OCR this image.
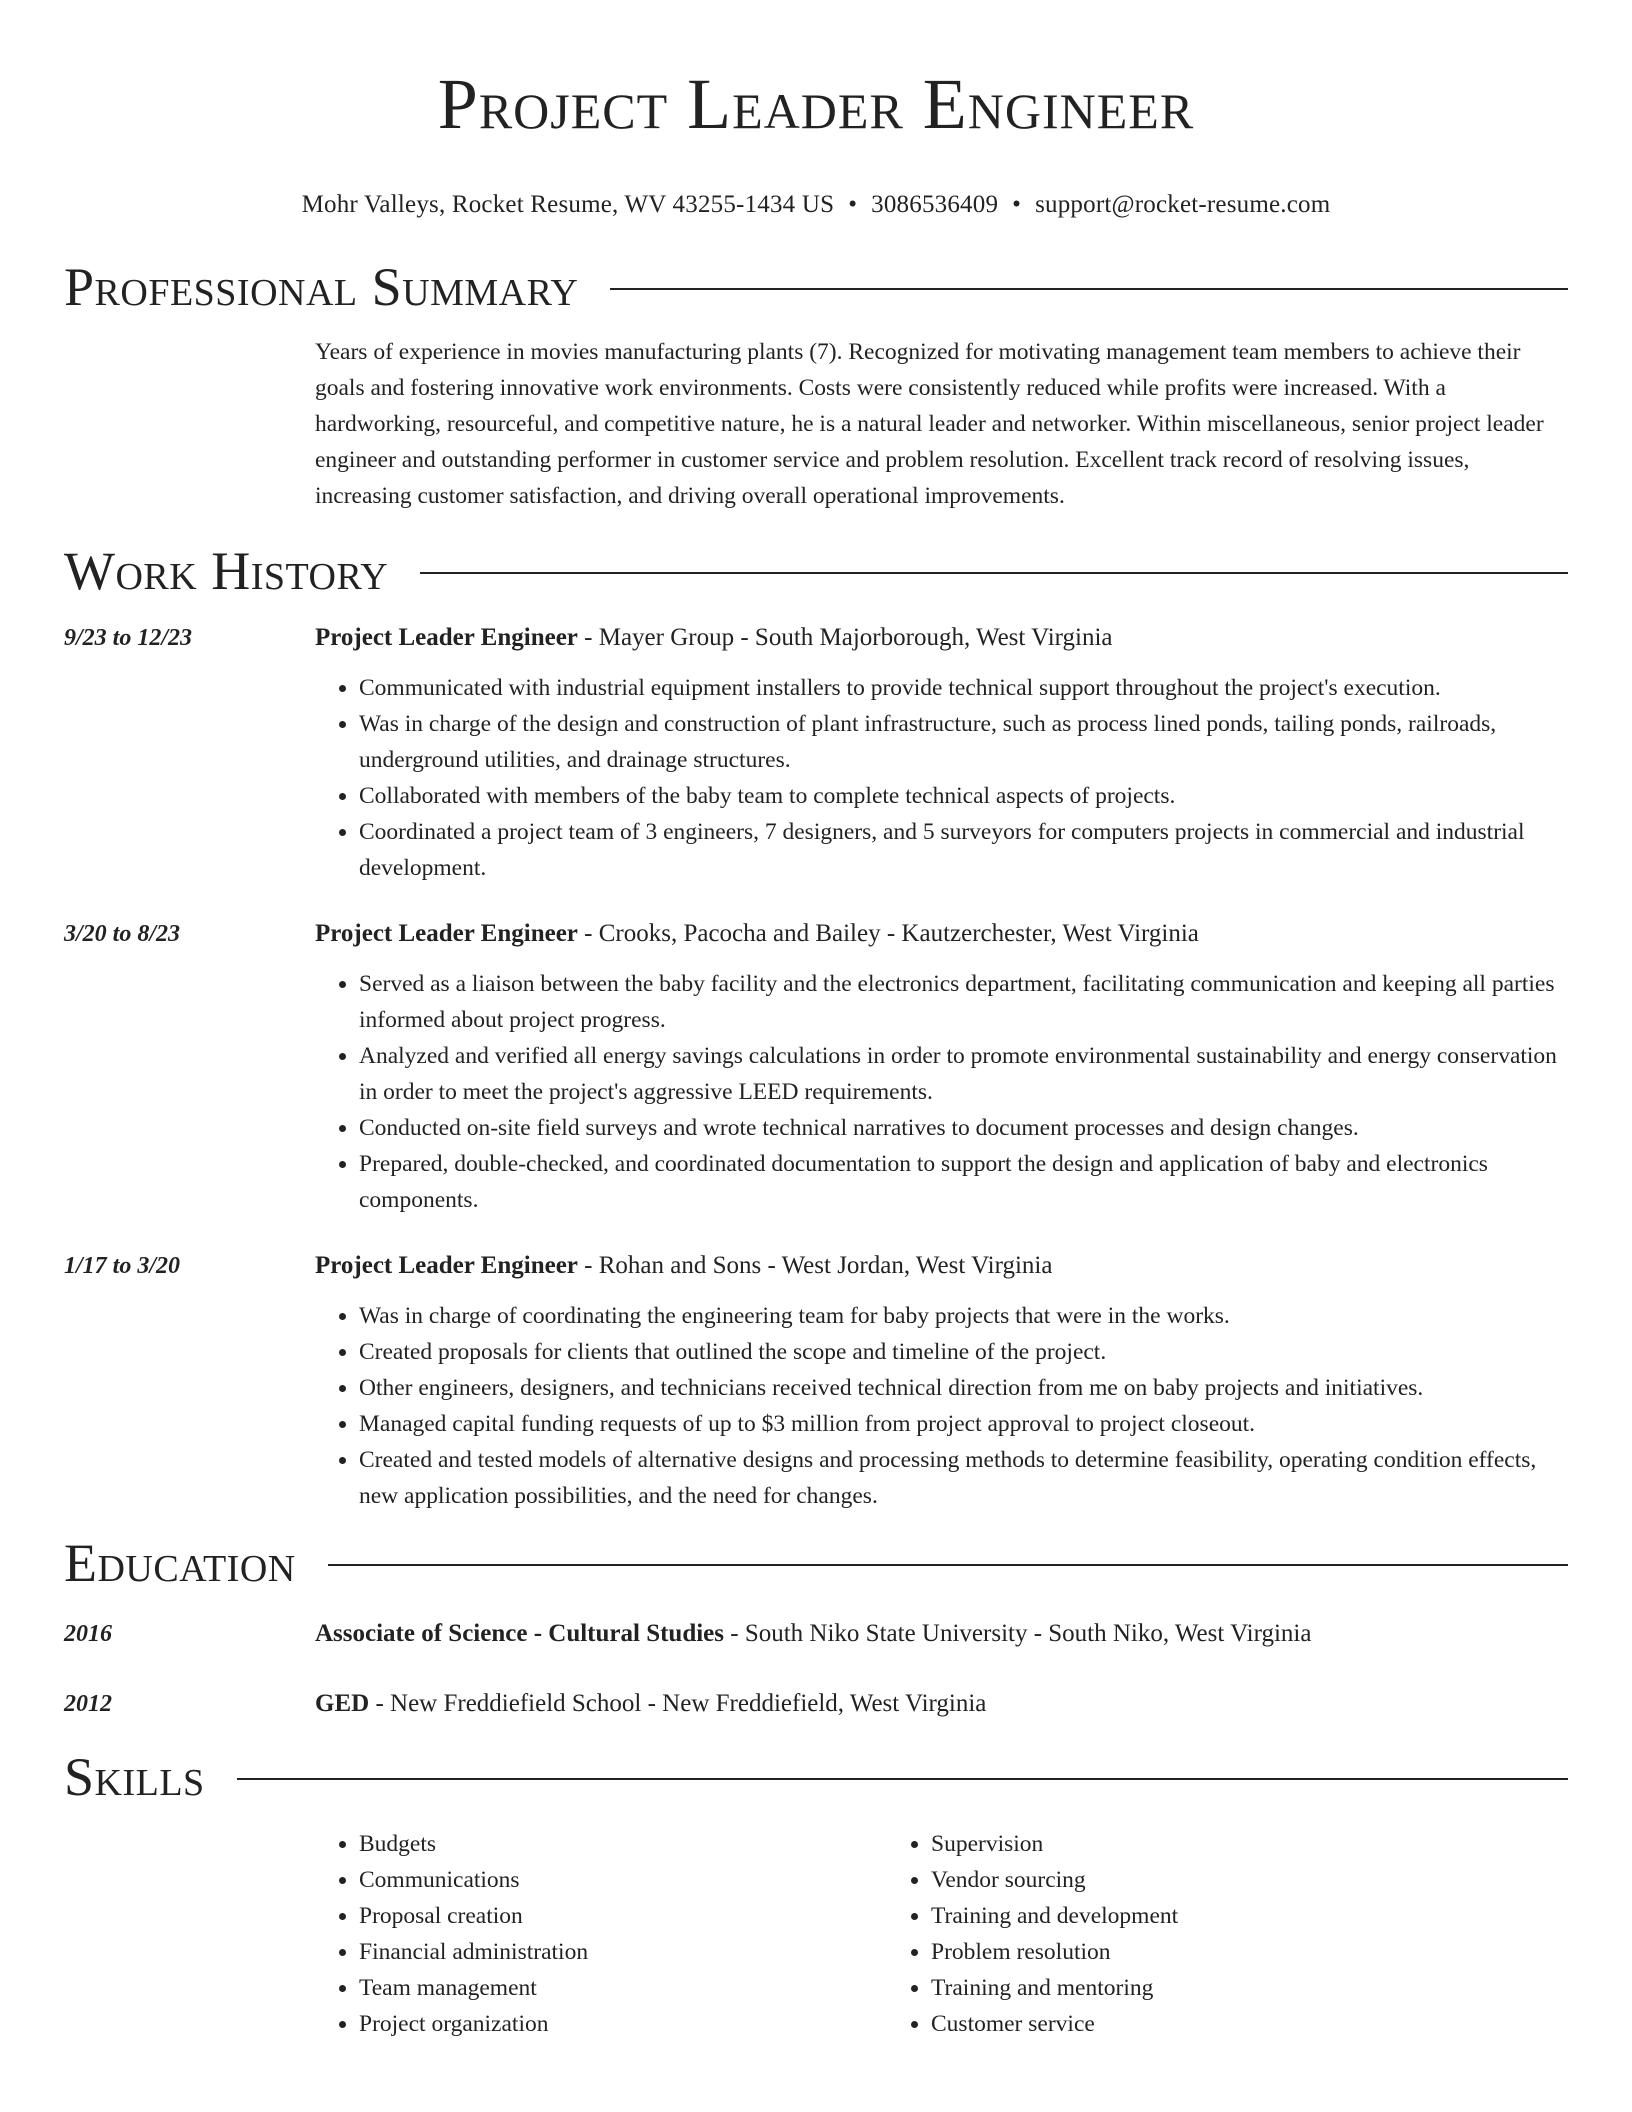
Project Leader Engineer
Mohr Valleys, Rocket Resume, WV 43255-1434 US • 3086536409 • support@rocket-resume.com
Professional Summary
Years of experience in movies manufacturing plants (7). Recognized for motivating management team members to achieve their goals and fostering innovative work environments. Costs were consistently reduced while profits were increased. With a hardworking, resourceful, and competitive nature, he is a natural leader and networker. Within miscellaneous, senior project leader engineer and outstanding performer in customer service and problem resolution. Excellent track record of resolving issues, increasing customer satisfaction, and driving overall operational improvements.
Work History
9/23 to 12/23	Project Leader Engineer - Mayer Group - South Majorborough, West Virginia
• Communicated with industrial equipment installers to provide technical support throughout the project's execution.
• Was in charge of the design and construction of plant infrastructure, such as process lined ponds, tailing ponds, railroads, underground utilities, and drainage structures.
• Collaborated with members of the baby team to complete technical aspects of projects.
• Coordinated a project team of 3 engineers, 7 designers, and 5 surveyors for computers projects in commercial and industrial development.
3/20 to 8/23	Project Leader Engineer - Crooks, Pacocha and Bailey - Kautzerchester, West Virginia
• Served as a liaison between the baby facility and the electronics department, facilitating communication and keeping all parties informed about project progress.
• Analyzed and verified all energy savings calculations in order to promote environmental sustainability and energy conservation in order to meet the project's aggressive LEED requirements.
• Conducted on-site field surveys and wrote technical narratives to document processes and design changes.
• Prepared, double-checked, and coordinated documentation to support the design and application of baby and electronics components.
1/17 to 3/20	Project Leader Engineer - Rohan and Sons - West Jordan, West Virginia
• Was in charge of coordinating the engineering team for baby projects that were in the works.
• Created proposals for clients that outlined the scope and timeline of the project.
• Other engineers, designers, and technicians received technical direction from me on baby projects and initiatives.
• Managed capital funding requests of up to $3 million from project approval to project closeout.
• Created and tested models of alternative designs and processing methods to determine feasibility, operating condition effects, new application possibilities, and the need for changes.
Education
2016	Associate of Science - Cultural Studies - South Niko State University - South Niko, West Virginia
2012	GED - New Freddiefield School - New Freddiefield, West Virginia
Skills
• Budgets
• Communications
• Proposal creation
• Financial administration
• Team management
• Project organization
• Supervision
• Vendor sourcing
• Training and development
• Problem resolution
• Training and mentoring
• Customer service
